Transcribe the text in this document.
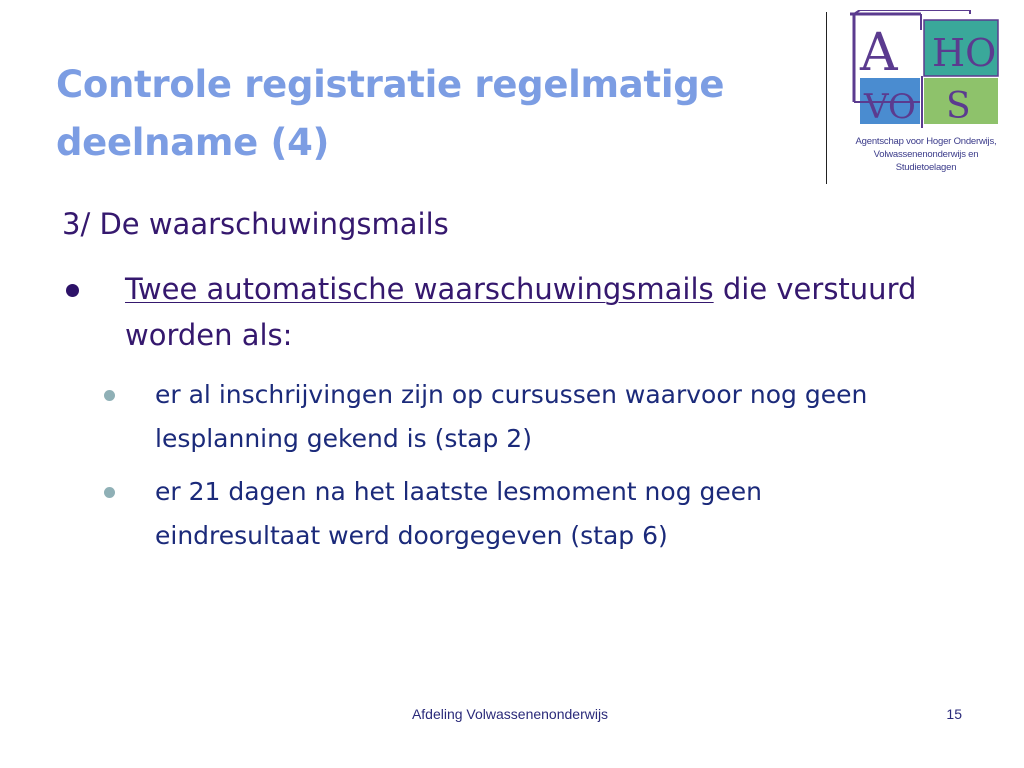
Controle registratie regelmatige
deelname (4)
A HO
VO S
Agentschap voor Hoger Onderwijs,
Volwassenenonderwijs en Studietoelagen
3/ De waarschuwingsmails
Twee automatische waarschuwingsmails die verstuurd worden als:
er al inschrijvingen zijn op cursussen waarvoor nog geen lesplanning gekend is (stap 2)
er 21 dagen na het laatste lesmoment nog geen eindresultaat werd doorgegeven (stap 6)
Afdeling Volwassenenonderwijs	15
